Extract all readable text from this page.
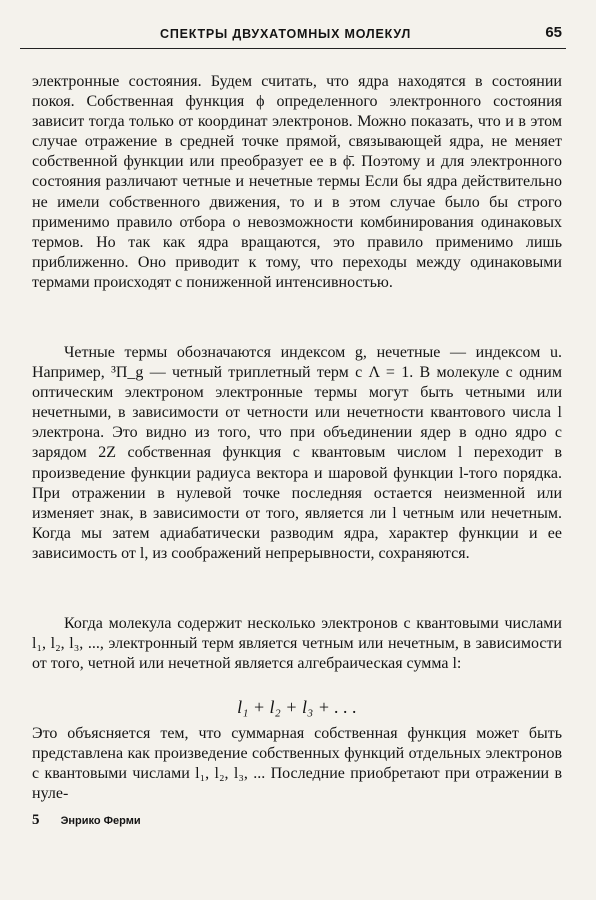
СПЕКТРЫ ДВУХАТОМНЫХ МОЛЕКУЛ	65

электронные состояния. Будем считать, что ядра находятся в состоянии покоя. Собственная функция ϕ определенного электронного состояния зависит тогда только от координат электронов. Можно показать, что и в этом случае отражение в средней точке прямой, связывающей ядра, не меняет собственной функции или преобразует ее в ϕ̄. Поэтому и для электронного состояния различают четные и нечетные термы Если бы ядра действительно не имели собственного движения, то и в этом случае было бы строго применимо правило отбора о невозможности комбинирования одинаковых термов. Но так как ядра вращаются, это правило применимо лишь приближенно. Оно приводит к тому, что переходы между одинаковыми термами происходят с пониженной интенсивностью.

Четные термы обозначаются индексом g, нечетные — индексом u. Например, ³Π_g — четный триплетный терм с Λ = 1. В молекуле с одним оптическим электроном электронные термы могут быть четными или нечетными, в зависимости от четности или нечетности квантового числа l электрона. Это видно из того, что при объединении ядер в одно ядро с зарядом 2Z собственная функция с квантовым числом l переходит в произведение функции радиуса вектора и шаровой функции l-того порядка. При отражении в нулевой точке последняя остается неизменной или изменяет знак, в зависимости от того, является ли l четным или нечетным. Когда мы затем адиабатически разводим ядра, характер функции и ее зависимость от l, из соображений непрерывности, сохраняются.

Когда молекула содержит несколько электронов с квантовыми числами l₁, l₂, l₃, ..., электронный терм является четным или нечетным, в зависимости от того, четной или нечетной является алгебраическая сумма l:

l₁ + l₂ + l₃ + . . .

Это объясняется тем, что суммарная собственная функция может быть представлена как произведение собственных функций отдельных электронов с квантовыми числами l₁, l₂, l₃, ... Последние приобретают при отражении в нуле-

5 Энрико Ферми
